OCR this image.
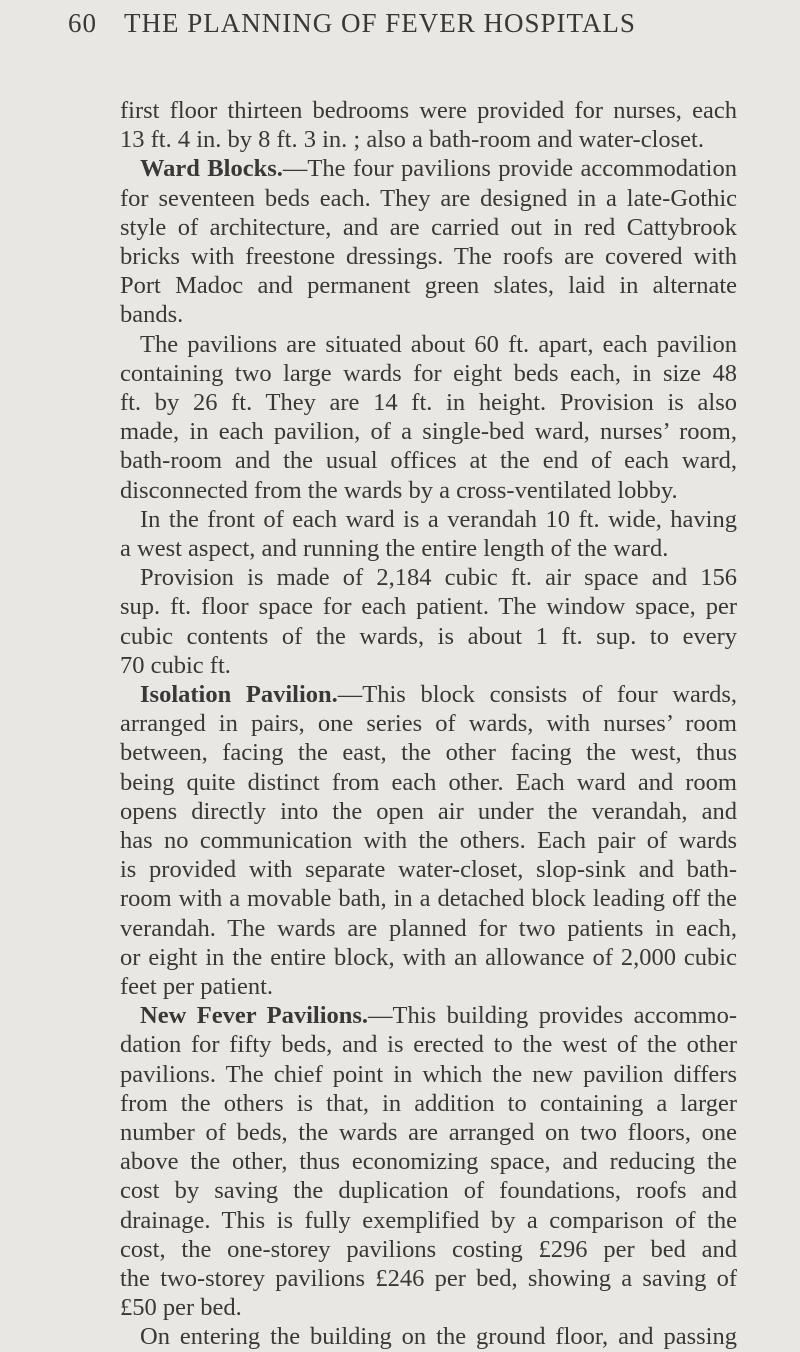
60 THE PLANNING OF FEVER HOSPITALS
first floor thirteen bedrooms were provided for nurses, each
13 ft. 4 in. by 8 ft. 3 in. ; also a bath-room and water-closet.
Ward Blocks.—The four pavilions provide accommodation
for seventeen beds each. They are designed in a late-Gothic
style of architecture, and are carried out in red Cattybrook
bricks with freestone dressings. The roofs are covered with
Port Madoc and permanent green slates, laid in alternate
bands.
The pavilions are situated about 60 ft. apart, each pavilion
containing two large wards for eight beds each, in size 48
ft. by 26 ft. They are 14 ft. in height. Provision is also
made, in each pavilion, of a single-bed ward, nurses’ room,
bath-room and the usual offices at the end of each ward,
disconnected from the wards by a cross-ventilated lobby.
In the front of each ward is a verandah 10 ft. wide, having
a west aspect, and running the entire length of the ward.
Provision is made of 2,184 cubic ft. air space and 156
sup. ft. floor space for each patient. The window space, per
cubic contents of the wards, is about 1 ft. sup. to every
70 cubic ft.
Isolation Pavilion.—This block consists of four wards,
arranged in pairs, one series of wards, with nurses’ room
between, facing the east, the other facing the west, thus
being quite distinct from each other. Each ward and room
opens directly into the open air under the verandah, and
has no communication with the others. Each pair of wards
is provided with separate water-closet, slop-sink and bath-
room with a movable bath, in a detached block leading off the
verandah. The wards are planned for two patients in each,
or eight in the entire block, with an allowance of 2,000 cubic
feet per patient.
New Fever Pavilions.—This building provides accommo-
dation for fifty beds, and is erected to the west of the other
pavilions. The chief point in which the new pavilion differs
from the others is that, in addition to containing a larger
number of beds, the wards are arranged on two floors, one
above the other, thus economizing space, and reducing the
cost by saving the duplication of foundations, roofs and
drainage. This is fully exemplified by a comparison of the
cost, the one-storey pavilions costing £296 per bed and
the two-storey pavilions £246 per bed, showing a saving of
£50 per bed.
On entering the building on the ground floor, and passing
